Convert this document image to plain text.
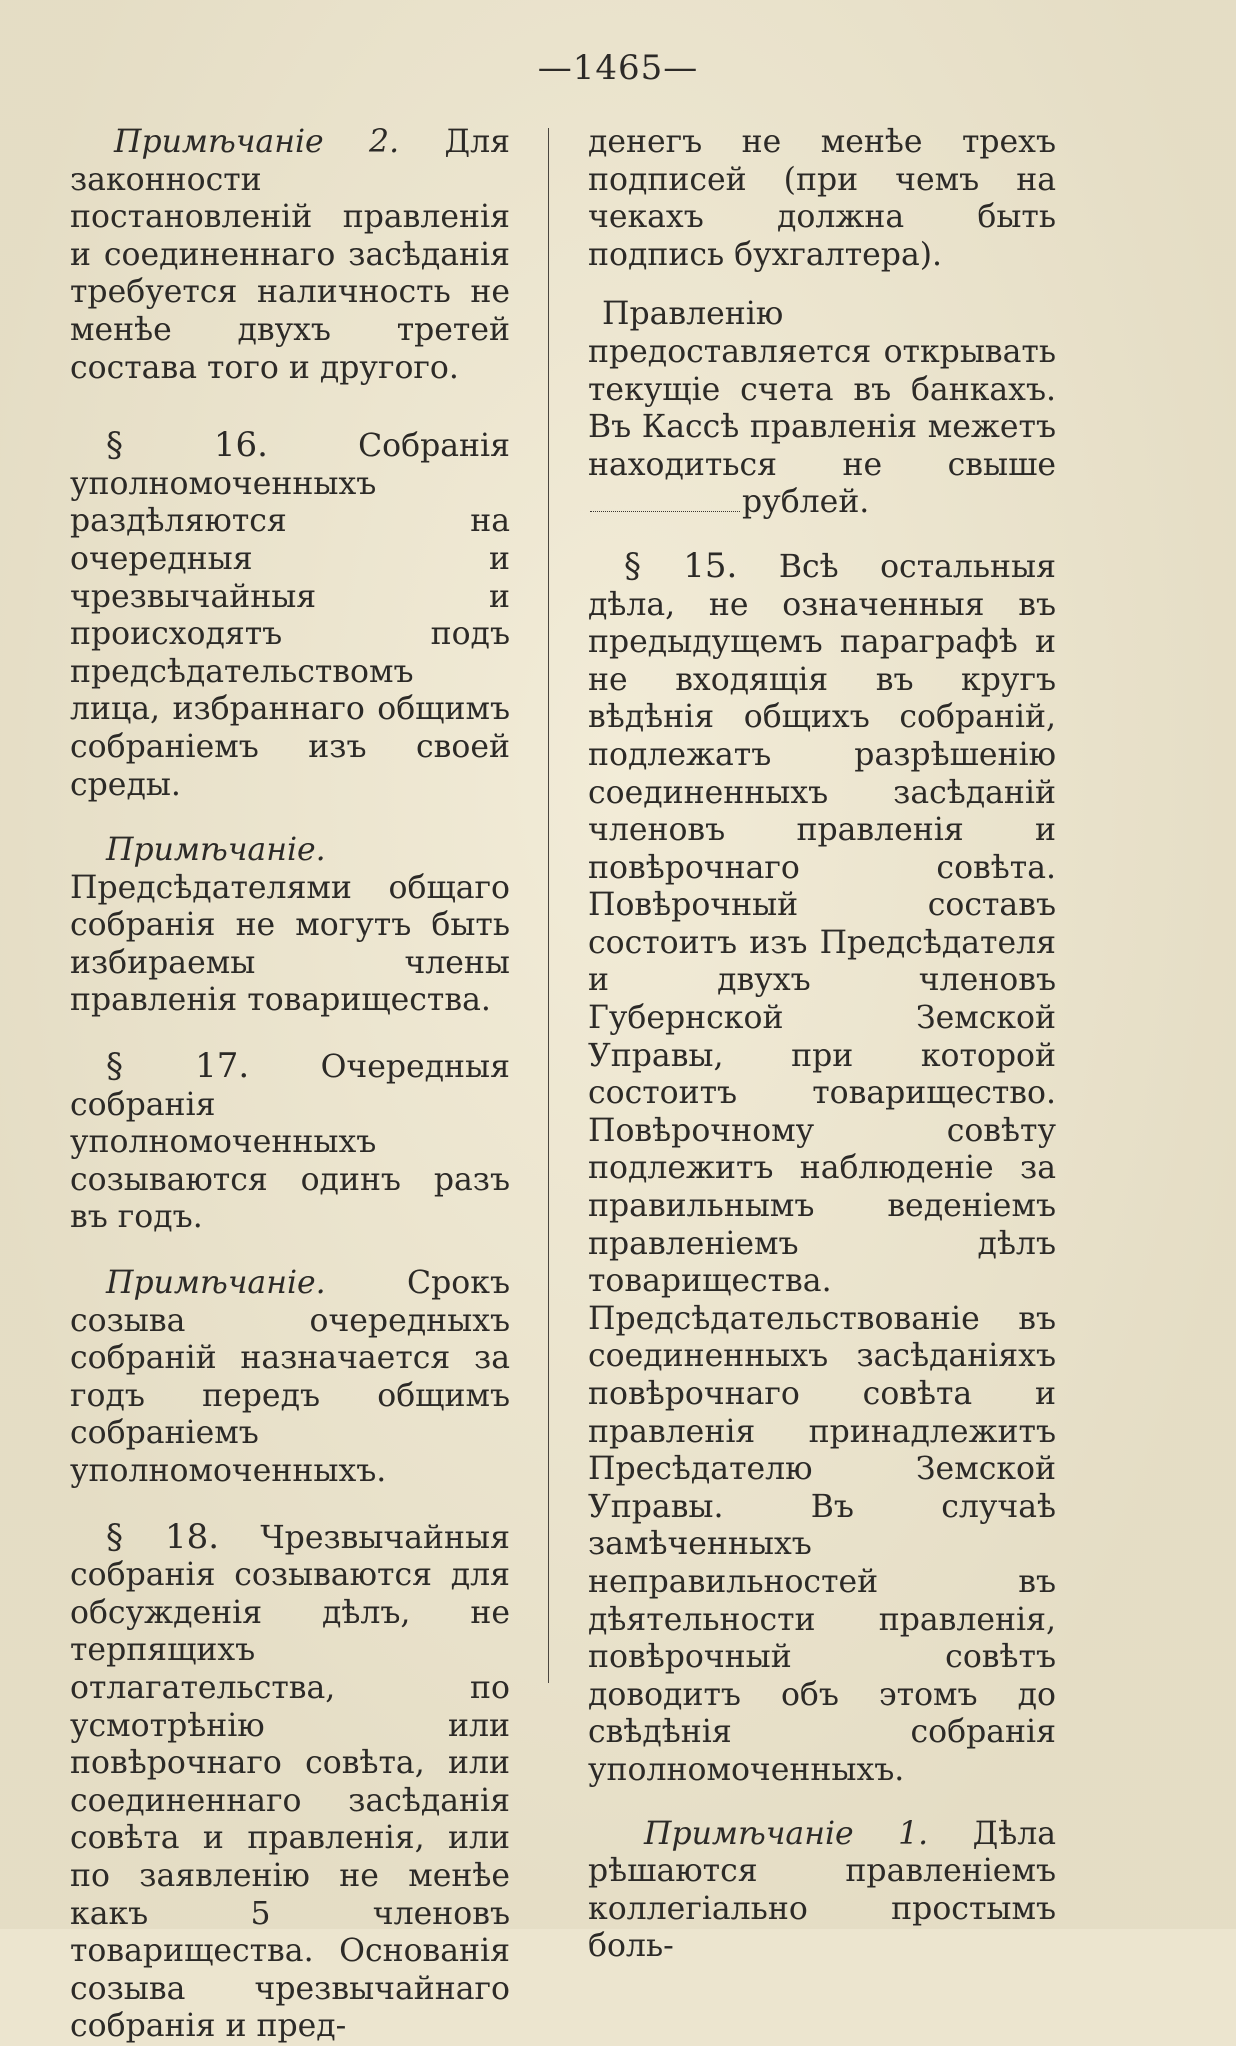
—1465—

Примѣчаніе 2. Для законности постановленій правленія и соединеннаго засѣданія требуется наличность не менѣе двухъ третей состава того и другого.

§ 16.	Собранія уполномоченныхъ раздѣляются на очередныя и чрезвычайныя и происходятъ подъ предсѣдательствомъ лица, избраннаго общимъ собраніемъ изъ своей среды.

Примѣчаніе. Предсѣдателями общаго собранія не могутъ быть избираемы члены правленія товарищества.

§ 17. Очередныя собранія уполномоченныхъ созываются одинъ разъ въ годъ.

Примѣчаніе.	Срокъ созыва очередныхъ собраній назначается за годъ передъ общимъ собраніемъ уполномоченныхъ.

§ 18. Чрезвычайныя собранія созываются для обсужденія дѣлъ, не терпящихъ отлагательства, по усмотрѣнію или повѣрочнаго совѣта, или соединеннаго засѣданія совѣта и правленія, или по заявленію не менѣе какъ 5 членовъ товарищества. Основанія созыва чрезвычайнаго собранія и пред-

денегъ не менѣе трехъ подписей (при чемъ на чекахъ должна быть подпись бухгалтера).

Правленію предоставляется открывать текущіе счета въ банкахъ. Въ Кассѣ правленія межетъ находиться не свышерублей.

§ 15. Всѣ остальныя дѣла, не означенныя въ предыдущемъ параграфѣ и не входящія въ кругъ вѣдѣнія общихъ собраній, подлежатъ разрѣшенію соединенныхъ засѣданій членовъ правленія и повѣрочнаго совѣта. Повѣрочный составъ состоитъ изъ Предсѣдателя и двухъ членовъ Губернской Земской Управы, при которой состоитъ товарищество. Повѣрочному совѣту подлежитъ наблюденіе за правильнымъ веденіемъ правленіемъ дѣлъ товарищества. Предсѣдательствованіе въ соединенныхъ засѣданіяхъ повѣрочнаго совѣта и правленія принадлежитъ Пресѣдателю Земской Управы. Въ случаѣ замѣченныхъ неправильностей въ дѣятельности правленія, повѣрочный совѣтъ доводитъ объ этомъ до свѣдѣнія собранія уполномоченныхъ.

Примѣчаніе 1. Дѣла рѣшаются правленіемъ коллегіально простымъ боль-
